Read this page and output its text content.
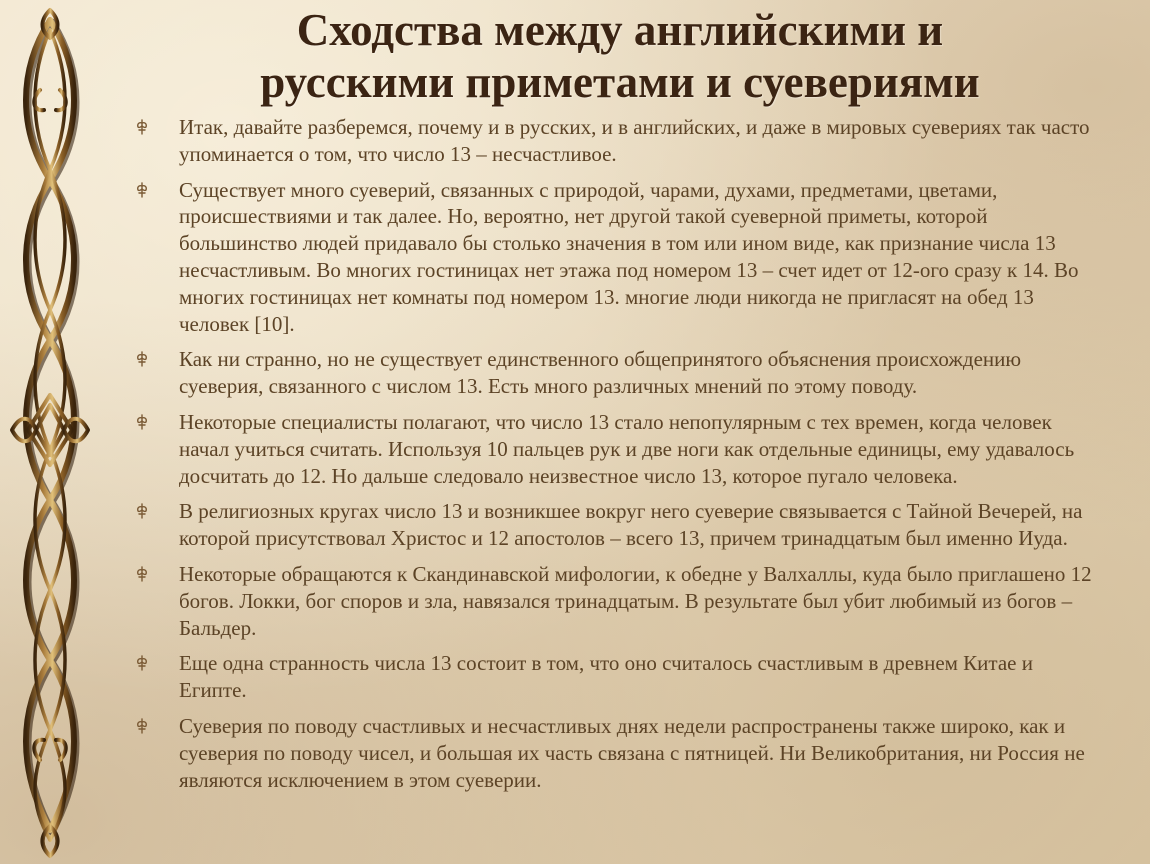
Сходства между английскими и
русскими приметами и суевериями
Итак, давайте разберемся, почему и в русских, и в английских, и даже в мировых суевериях так часто упоминается о том, что число 13 – несчастливое.
Существует много суеверий, связанных с природой, чарами, духами, предметами, цветами, происшествиями и так далее. Но, вероятно, нет другой такой суеверной приметы, которой большинство людей придавало бы столько значения в том или ином виде, как признание числа 13 несчастливым. Во многих гостиницах нет этажа под номером 13 – счет идет от 12-ого сразу к 14. Во многих гостиницах нет комнаты под номером 13. многие люди никогда не пригласят на обед 13 человек [10].
Как ни странно, но не существует единственного общепринятого объяснения происхождению суеверия, связанного с числом 13. Есть много различных мнений по этому поводу.
Некоторые специалисты полагают, что число 13 стало непопулярным с тех времен, когда человек начал учиться считать. Используя 10 пальцев рук и две ноги как отдельные единицы, ему удавалось досчитать до 12. Но дальше следовало неизвестное число 13, которое пугало человека.
В религиозных кругах число 13 и возникшее вокруг него суеверие связывается с Тайной Вечерей, на которой присутствовал Христос и 12 апостолов – всего 13, причем тринадцатым был именно Иуда.
Некоторые обращаются к Скандинавской мифологии, к обедне у Валхаллы, куда было приглашено 12 богов. Локки, бог споров и зла, навязался тринадцатым. В результате был убит любимый из богов – Бальдер.
Еще одна странность числа 13 состоит в том, что оно считалось счастливым в древнем Китае и Египте.
Суеверия по поводу счастливых и несчастливых днях недели распространены также широко, как и суеверия по поводу чисел, и большая их часть связана с пятницей. Ни Великобритания, ни Россия не являются исключением в этом суеверии.
